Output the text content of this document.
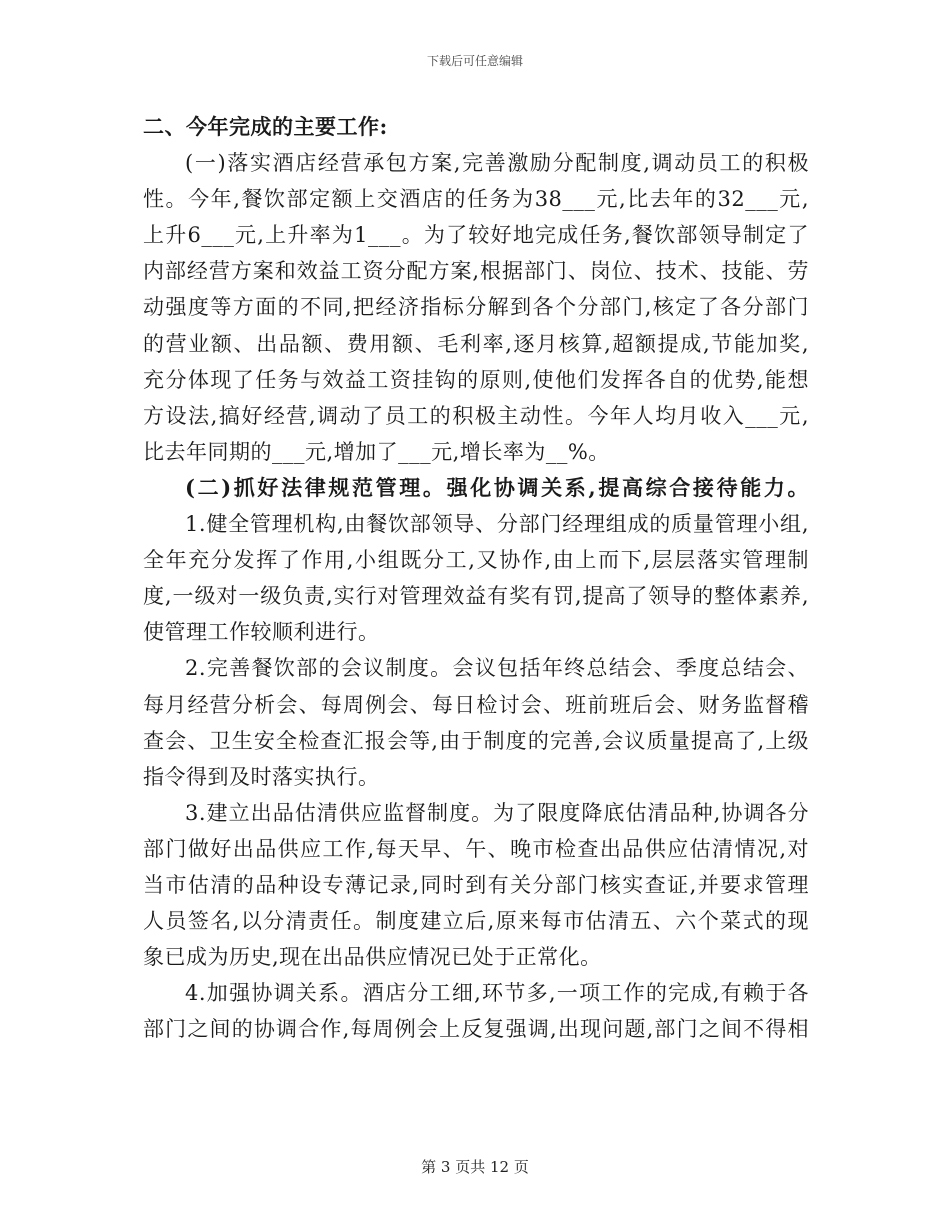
下载后可任意编辑
二、今年完成的主要工作:
(一)落实酒店经营承包方案,完善激励分配制度,调动员工的积极
性。今年,餐饮部定额上交酒店的任务为38___元,比去年的32___元,
上升6___元,上升率为1___。为了较好地完成任务,餐饮部领导制定了
内部经营方案和效益工资分配方案,根据部门、岗位、技术、技能、劳
动强度等方面的不同,把经济指标分解到各个分部门,核定了各分部门
的营业额、出品额、费用额、毛利率,逐月核算,超额提成,节能加奖,
充分体现了任务与效益工资挂钩的原则,使他们发挥各自的优势,能想
方设法,搞好经营,调动了员工的积极主动性。今年人均月收入___元,
比去年同期的___元,增加了___元,增长率为__%。
(二)抓好法律规范管理。强化协调关系,提高综合接待能力。
1.健全管理机构,由餐饮部领导、分部门经理组成的质量管理小组,
全年充分发挥了作用,小组既分工,又协作,由上而下,层层落实管理制
度,一级对一级负责,实行对管理效益有奖有罚,提高了领导的整体素养,
使管理工作较顺利进行。
2.完善餐饮部的会议制度。会议包括年终总结会、季度总结会、
每月经营分析会、每周例会、每日检讨会、班前班后会、财务监督稽
查会、卫生安全检查汇报会等,由于制度的完善,会议质量提高了,上级
指令得到及时落实执行。
3.建立出品估清供应监督制度。为了限度降底估清品种,协调各分
部门做好出品供应工作,每天早、午、晚市检查出品供应估清情况,对
当市估清的品种设专薄记录,同时到有关分部门核实查证,并要求管理
人员签名,以分清责任。制度建立后,原来每市估清五、六个菜式的现
象已成为历史,现在出品供应情况已处于正常化。
4.加强协调关系。酒店分工细,环节多,一项工作的完成,有赖于各
部门之间的协调合作,每周例会上反复强调,出现问题,部门之间不得相
第 3 页共 12 页
